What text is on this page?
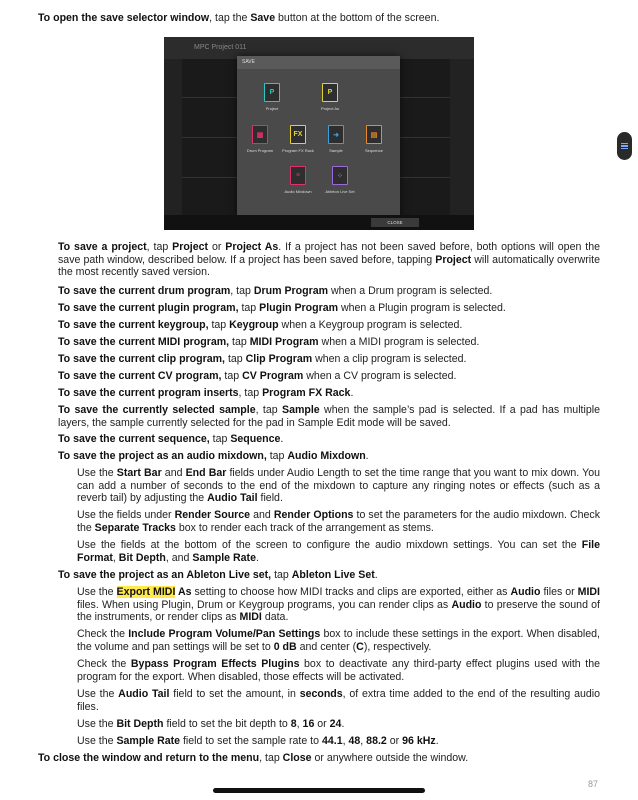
To open the save selector window, tap the Save button at the bottom of the screen.

MPC Project 011
SAVE
P
Project
P
Project As
▦
Drum Program
FX
Program FX Rack
➜
Sample
▤
Sequence
≡
Audio Mixdown
⁘
Ableton Live Set
CLOSE

To save a project, tap Project or Project As. If a project has not been saved before, both options will open the save path window, described below. If a project has been saved before, tapping Project will automatically overwrite the most recently saved version.

To save the current drum program, tap Drum Program when a Drum program is selected.

To save the current plugin program, tap Plugin Program when a Plugin program is selected.

To save the current keygroup, tap Keygroup when a Keygroup program is selected.

To save the current MIDI program, tap MIDI Program when a MIDI program is selected.

To save the current clip program, tap Clip Program when a clip program is selected.

To save the current CV program, tap CV Program when a CV program is selected.

To save the current program inserts, tap Program FX Rack.

To save the currently selected sample, tap Sample when the sample’s pad is selected. If a pad has multiple layers, the sample currently selected for the pad in Sample Edit mode will be saved.

To save the current sequence, tap Sequence.

To save the project as an audio mixdown, tap Audio Mixdown.

Use the Start Bar and End Bar fields under Audio Length to set the time range that you want to mix down. You can add a number of seconds to the end of the mixdown to capture any ringing notes or effects (such as a reverb tail) by adjusting the Audio Tail field.

Use the fields under Render Source and Render Options to set the parameters for the audio mixdown. Check the Separate Tracks box to render each track of the arrangement as stems.

Use the fields at the bottom of the screen to configure the audio mixdown settings. You can set the File Format, Bit Depth, and Sample Rate.

To save the project as an Ableton Live set, tap Ableton Live Set.

Use the Export MIDI As setting to choose how MIDI tracks and clips are exported, either as Audio files or MIDI files. When using Plugin, Drum or Keygroup programs, you can render clips as Audio to preserve the sound of the instruments, or render clips as MIDI data.

Check the Include Program Volume/Pan Settings box to include these settings in the export. When disabled, the volume and pan settings will be set to 0 dB and center (C), respectively.

Check the Bypass Program Effects Plugins box to deactivate any third-party effect plugins used with the program for the export. When disabled, those effects will be activated.

Use the Audio Tail field to set the amount, in seconds, of extra time added to the end of the resulting audio files.

Use the Bit Depth field to set the bit depth to 8, 16 or 24.

Use the Sample Rate field to set the sample rate to 44.1, 48, 88.2 or 96 kHz.

To close the window and return to the menu, tap Close or anywhere outside the window.

87
